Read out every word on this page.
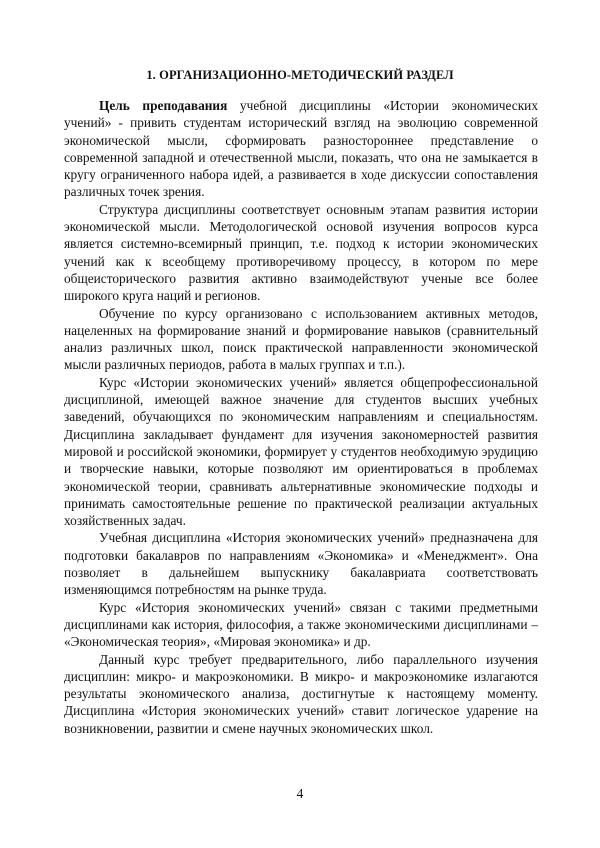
1. ОРГАНИЗАЦИОННО-МЕТОДИЧЕСКИЙ РАЗДЕЛ

Цель преподавания учебной дисциплины «Истории экономических учений» - привить студентам исторический взгляд на эволюцию современной экономической мысли, сформировать разностороннее представление о современной западной и отечественной мысли, показать, что она не замыкается в кругу ограниченного набора идей, а развивается в ходе дискуссии сопоставления различных точек зрения.

Структура дисциплины соответствует основным этапам развития истории экономической мысли. Методологической основой изучения вопросов курса является системно-всемирный принцип, т.е. подход к истории экономических учений как к всеобщему противоречивому процессу, в котором по мере общеисторического развития активно взаимодействуют ученые все более широкого круга наций и регионов.

Обучение по курсу организовано с использованием активных методов, нацеленных на формирование знаний и формирование навыков (сравнительный анализ различных школ, поиск практической направленности экономической мысли различных периодов, работа в малых группах и т.п.).

Курс «Истории экономических учений» является общепрофессиональной дисциплиной, имеющей важное значение для студентов высших учебных заведений, обучающихся по экономическим направлениям и специальностям. Дисциплина закладывает фундамент для изучения закономерностей развития мировой и российской экономики, формирует у студентов необходимую эрудицию и творческие навыки, которые позволяют им ориентироваться в проблемах экономической теории, сравнивать альтернативные экономические подходы и принимать самостоятельные решение по практической реализации актуальных хозяйственных задач.

Учебная дисциплина «История экономических учений» предназначена для подготовки бакалавров по направлениям «Экономика» и «Менеджмент». Она позволяет в дальнейшем выпускнику бакалавриата соответствовать изменяющимся потребностям на рынке труда.

Курс «История экономических учений» связан с такими предметными дисциплинами как история, философия, а также экономическими дисциплинами – «Экономическая теория», «Мировая экономика» и др.

Данный курс требует предварительного, либо параллельного изучения дисциплин: микро- и макроэкономики. В микро- и макроэкономике излагаются результаты экономического анализа, достигнутые к настоящему моменту. Дисциплина «История экономических учений» ставит логическое ударение на возникновении, развитии и смене научных экономических школ.

4
